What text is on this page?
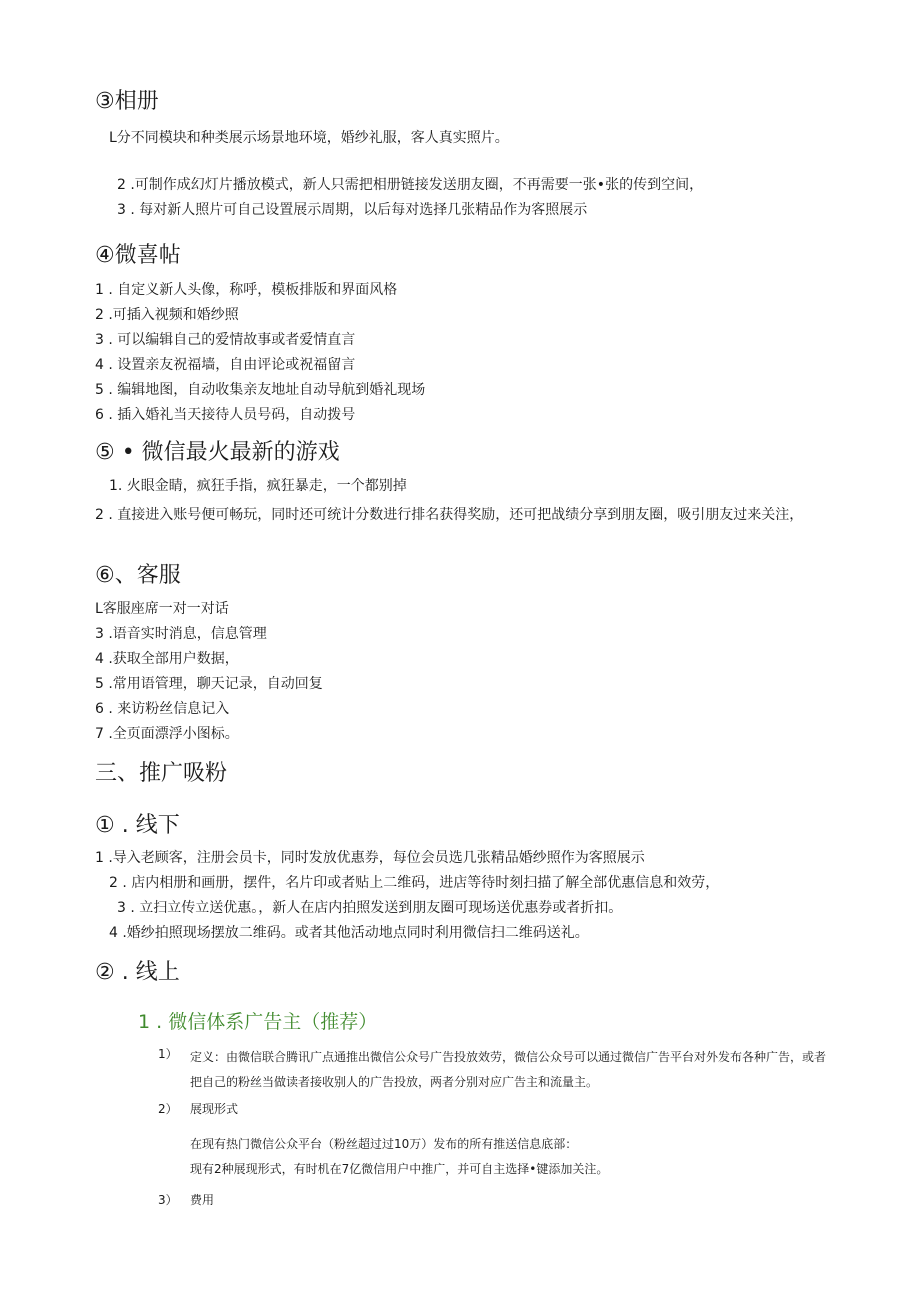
③相册
L分不同模块和种类展示场景地环境，婚纱礼服，客人真实照片。
2 .可制作成幻灯片播放模式，新人只需把相册链接发送朋友圈，不再需要一张•张的传到空间，
3 . 每对新人照片可自己设置展示周期，以后每对选择几张精品作为客照展示
④微喜帖
1 . 自定义新人头像，称呼，模板排版和界面风格
2 .可插入视频和婚纱照
3 . 可以编辑自己的爱情故事或者爱情直言
4 . 设置亲友祝福墙，自由评论或祝福留言
5 . 编辑地图，自动收集亲友地址自动导航到婚礼现场
6 . 插入婚礼当天接待人员号码，自动拨号
⑤ • 微信最火最新的游戏
1. 火眼金睛，疯狂手指，疯狂暴走，一个都别掉
2 . 直接进入账号便可畅玩，同时还可统计分数进行排名获得奖励，还可把战绩分享到朋友圈，吸引朋友过来关注，
⑥、客服
L客服座席一对一对话
3 .语音实时消息，信息管理
4 .获取全部用户数据，
5 .常用语管理，聊天记录，自动回复
6 . 来访粉丝信息记入
7 .全页面漂浮小图标。
三、推广吸粉
① . 线下
1 .导入老顾客，注册会员卡，同时发放优惠券，每位会员选几张精品婚纱照作为客照展示
2 . 店内相册和画册，摆件，名片印或者贴上二维码，进店等待时刻扫描了解全部优惠信息和效劳，
3 . 立扫立传立送优惠。，新人在店内拍照发送到朋友圈可现场送优惠券或者折扣。
4 .婚纱拍照现场摆放二维码。或者其他活动地点同时利用微信扫二维码送礼。
② . 线上
1 . 微信体系广告主（推荐）
1） 定义：由微信联合腾讯广点通推出微信公众号广告投放效劳，微信公众号可以通过微信广告平台对外发布各种广告，或者把自己的粉丝当做读者接收别人的广告投放，两者分别对应广告主和流量主。
2） 展现形式
在现有热门微信公众平台（粉丝超过过10万）发布的所有推送信息底部：
现有2种展现形式，有时机在7亿微信用户中推广，并可自主选择•键添加关注。
3） 费用
